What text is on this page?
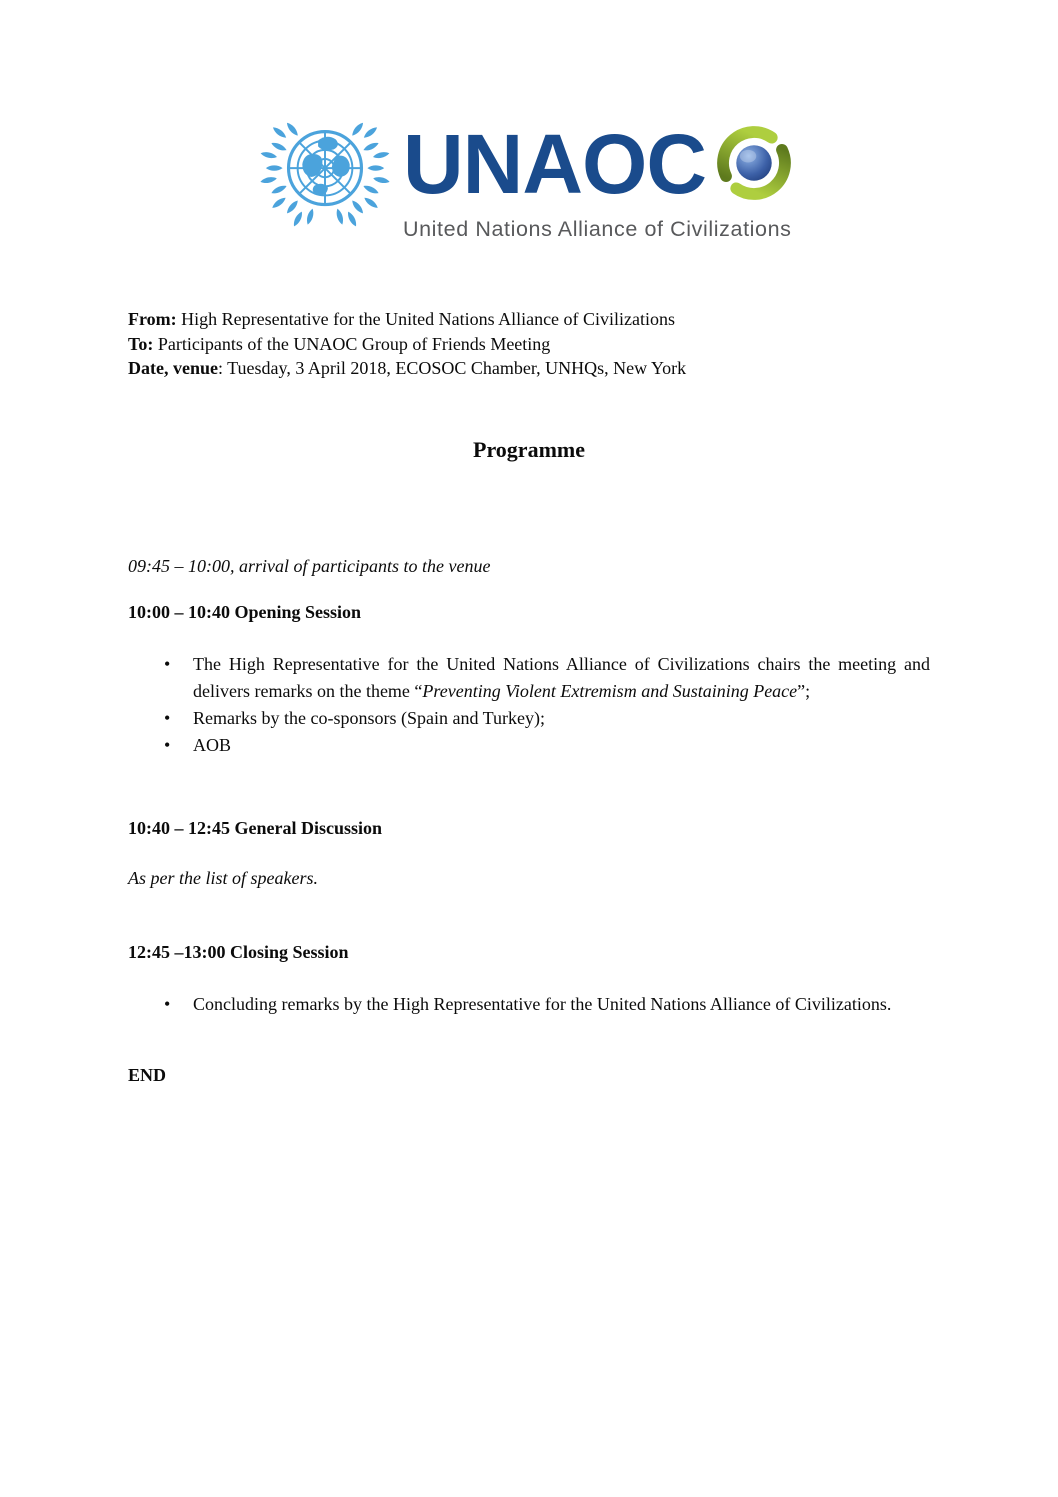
UNAOC
United Nations Alliance of Civilizations
From: High Representative for the United Nations Alliance of Civilizations
To: Participants of the UNAOC Group of Friends Meeting
Date, venue: Tuesday, 3 April 2018, ECOSOC Chamber, UNHQs, New York
Programme

09:45 – 10:00, arrival of participants to the venue

10:00 – 10:40 Opening Session
• The High Representative for the United Nations Alliance of Civilizations chairs the meeting and delivers remarks on the theme “Preventing Violent Extremism and Sustaining Peace”;
• Remarks by the co-sponsors (Spain and Turkey);
• AOB
10:40 – 12:45 General Discussion

As per the list of speakers.

12:45 –13:00 Closing Session
• Concluding remarks by the High Representative for the United Nations Alliance of Civilizations.

END
